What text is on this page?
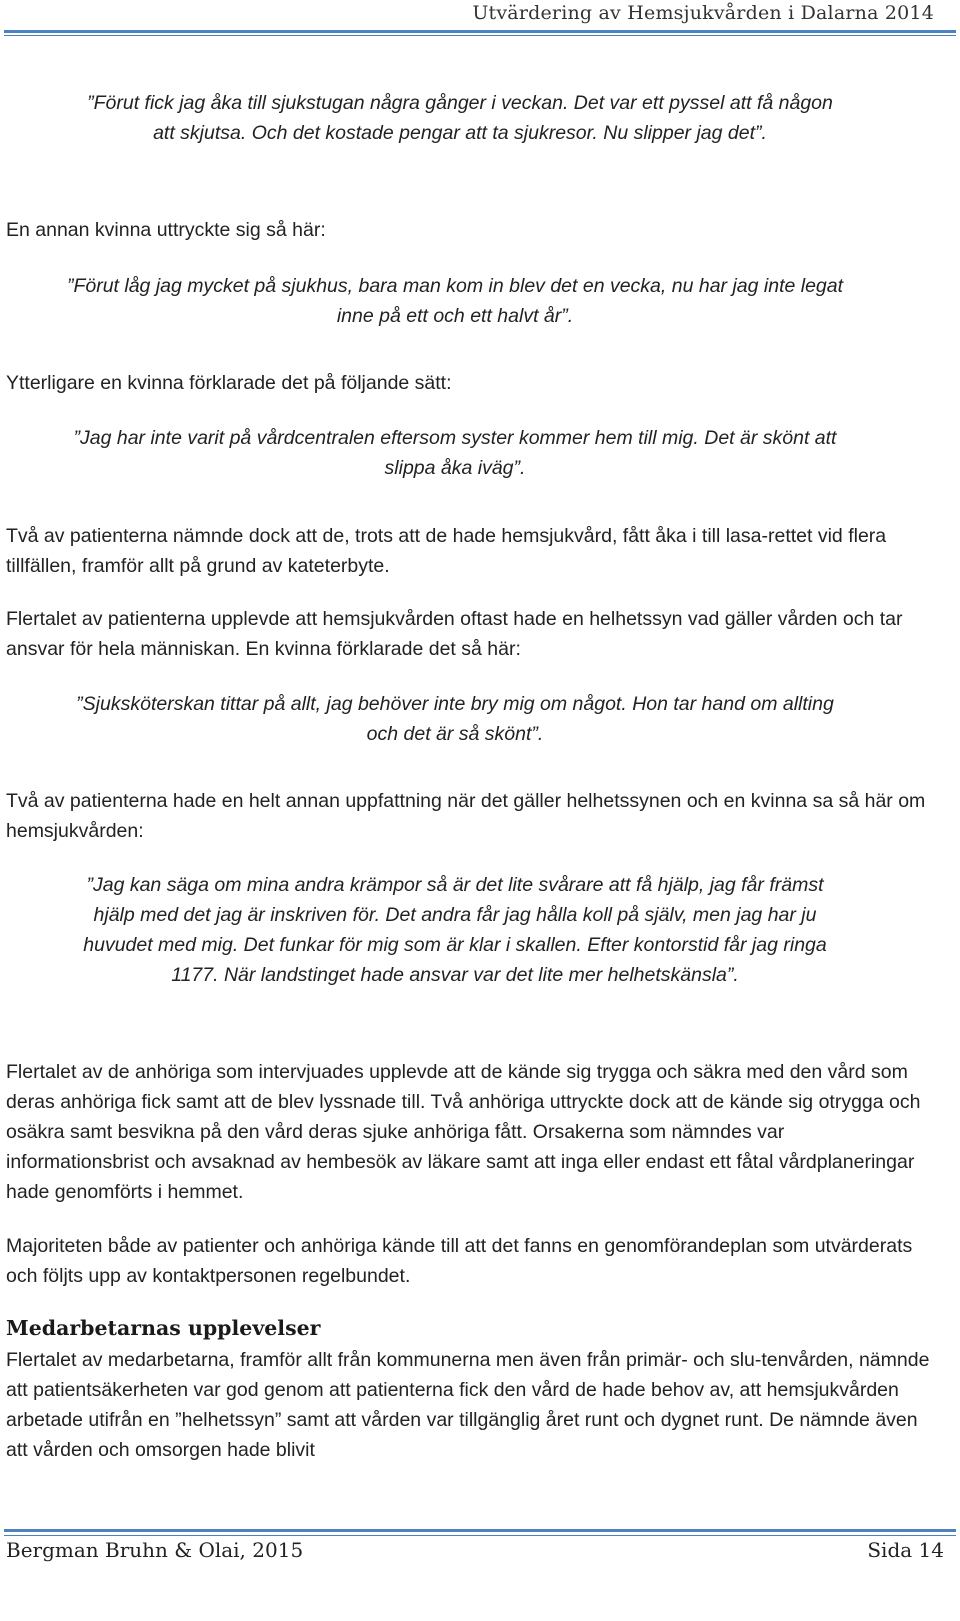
Utvärdering av Hemsjukvården i Dalarna 2014

”Förut fick jag åka till sjukstugan några gånger i veckan. Det var ett pyssel att få någon att skjutsa. Och det kostade pengar att ta sjukresor. Nu slipper jag det”.

En annan kvinna uttryckte sig så här:

”Förut låg jag mycket på sjukhus, bara man kom in blev det en vecka, nu har jag inte legat inne på ett och ett halvt år”.

Ytterligare en kvinna förklarade det på följande sätt:

”Jag har inte varit på vårdcentralen eftersom syster kommer hem till mig. Det är skönt att slippa åka iväg”.

Två av patienterna nämnde dock att de, trots att de hade hemsjukvård, fått åka i till lasa-rettet vid flera tillfällen, framför allt på grund av kateterbyte.

Flertalet av patienterna upplevde att hemsjukvården oftast hade en helhetssyn vad gäller vården och tar ansvar för hela människan. En kvinna förklarade det så här:

”Sjuksköterskan tittar på allt, jag behöver inte bry mig om något. Hon tar hand om allting och det är så skönt”.

Två av patienterna hade en helt annan uppfattning när det gäller helhetssynen och en kvinna sa så här om hemsjukvården:

”Jag kan säga om mina andra krämpor så är det lite svårare att få hjälp, jag får främst hjälp med det jag är inskriven för. Det andra får jag hålla koll på själv, men jag har ju huvudet med mig. Det funkar för mig som är klar i skallen. Efter kontorstid får jag ringa 1177. När landstinget hade ansvar var det lite mer helhetskänsla”.

Flertalet av de anhöriga som intervjuades upplevde att de kände sig trygga och säkra med den vård som deras anhöriga fick samt att de blev lyssnade till. Två anhöriga uttryckte dock att de kände sig otrygga och osäkra samt besvikna på den vård deras sjuke anhöriga fått. Orsakerna som nämndes var informationsbrist och avsaknad av hembesök av läkare samt att inga eller endast ett fåtal vårdplaneringar hade genomförts i hemmet.

Majoriteten både av patienter och anhöriga kände till att det fanns en genomförandeplan som utvärderats och följts upp av kontaktpersonen regelbundet.

Medarbetarnas upplevelser

Flertalet av medarbetarna, framför allt från kommunerna men även från primär- och slu-tenvården, nämnde att patientsäkerheten var god genom att patienterna fick den vård de hade behov av, att hemsjukvården arbetade utifrån en ”helhetssyn” samt att vården var tillgänglig året runt och dygnet runt. De nämnde även att vården och omsorgen hade blivit

Bergman Bruhn & Olai, 2015	Sida 14
